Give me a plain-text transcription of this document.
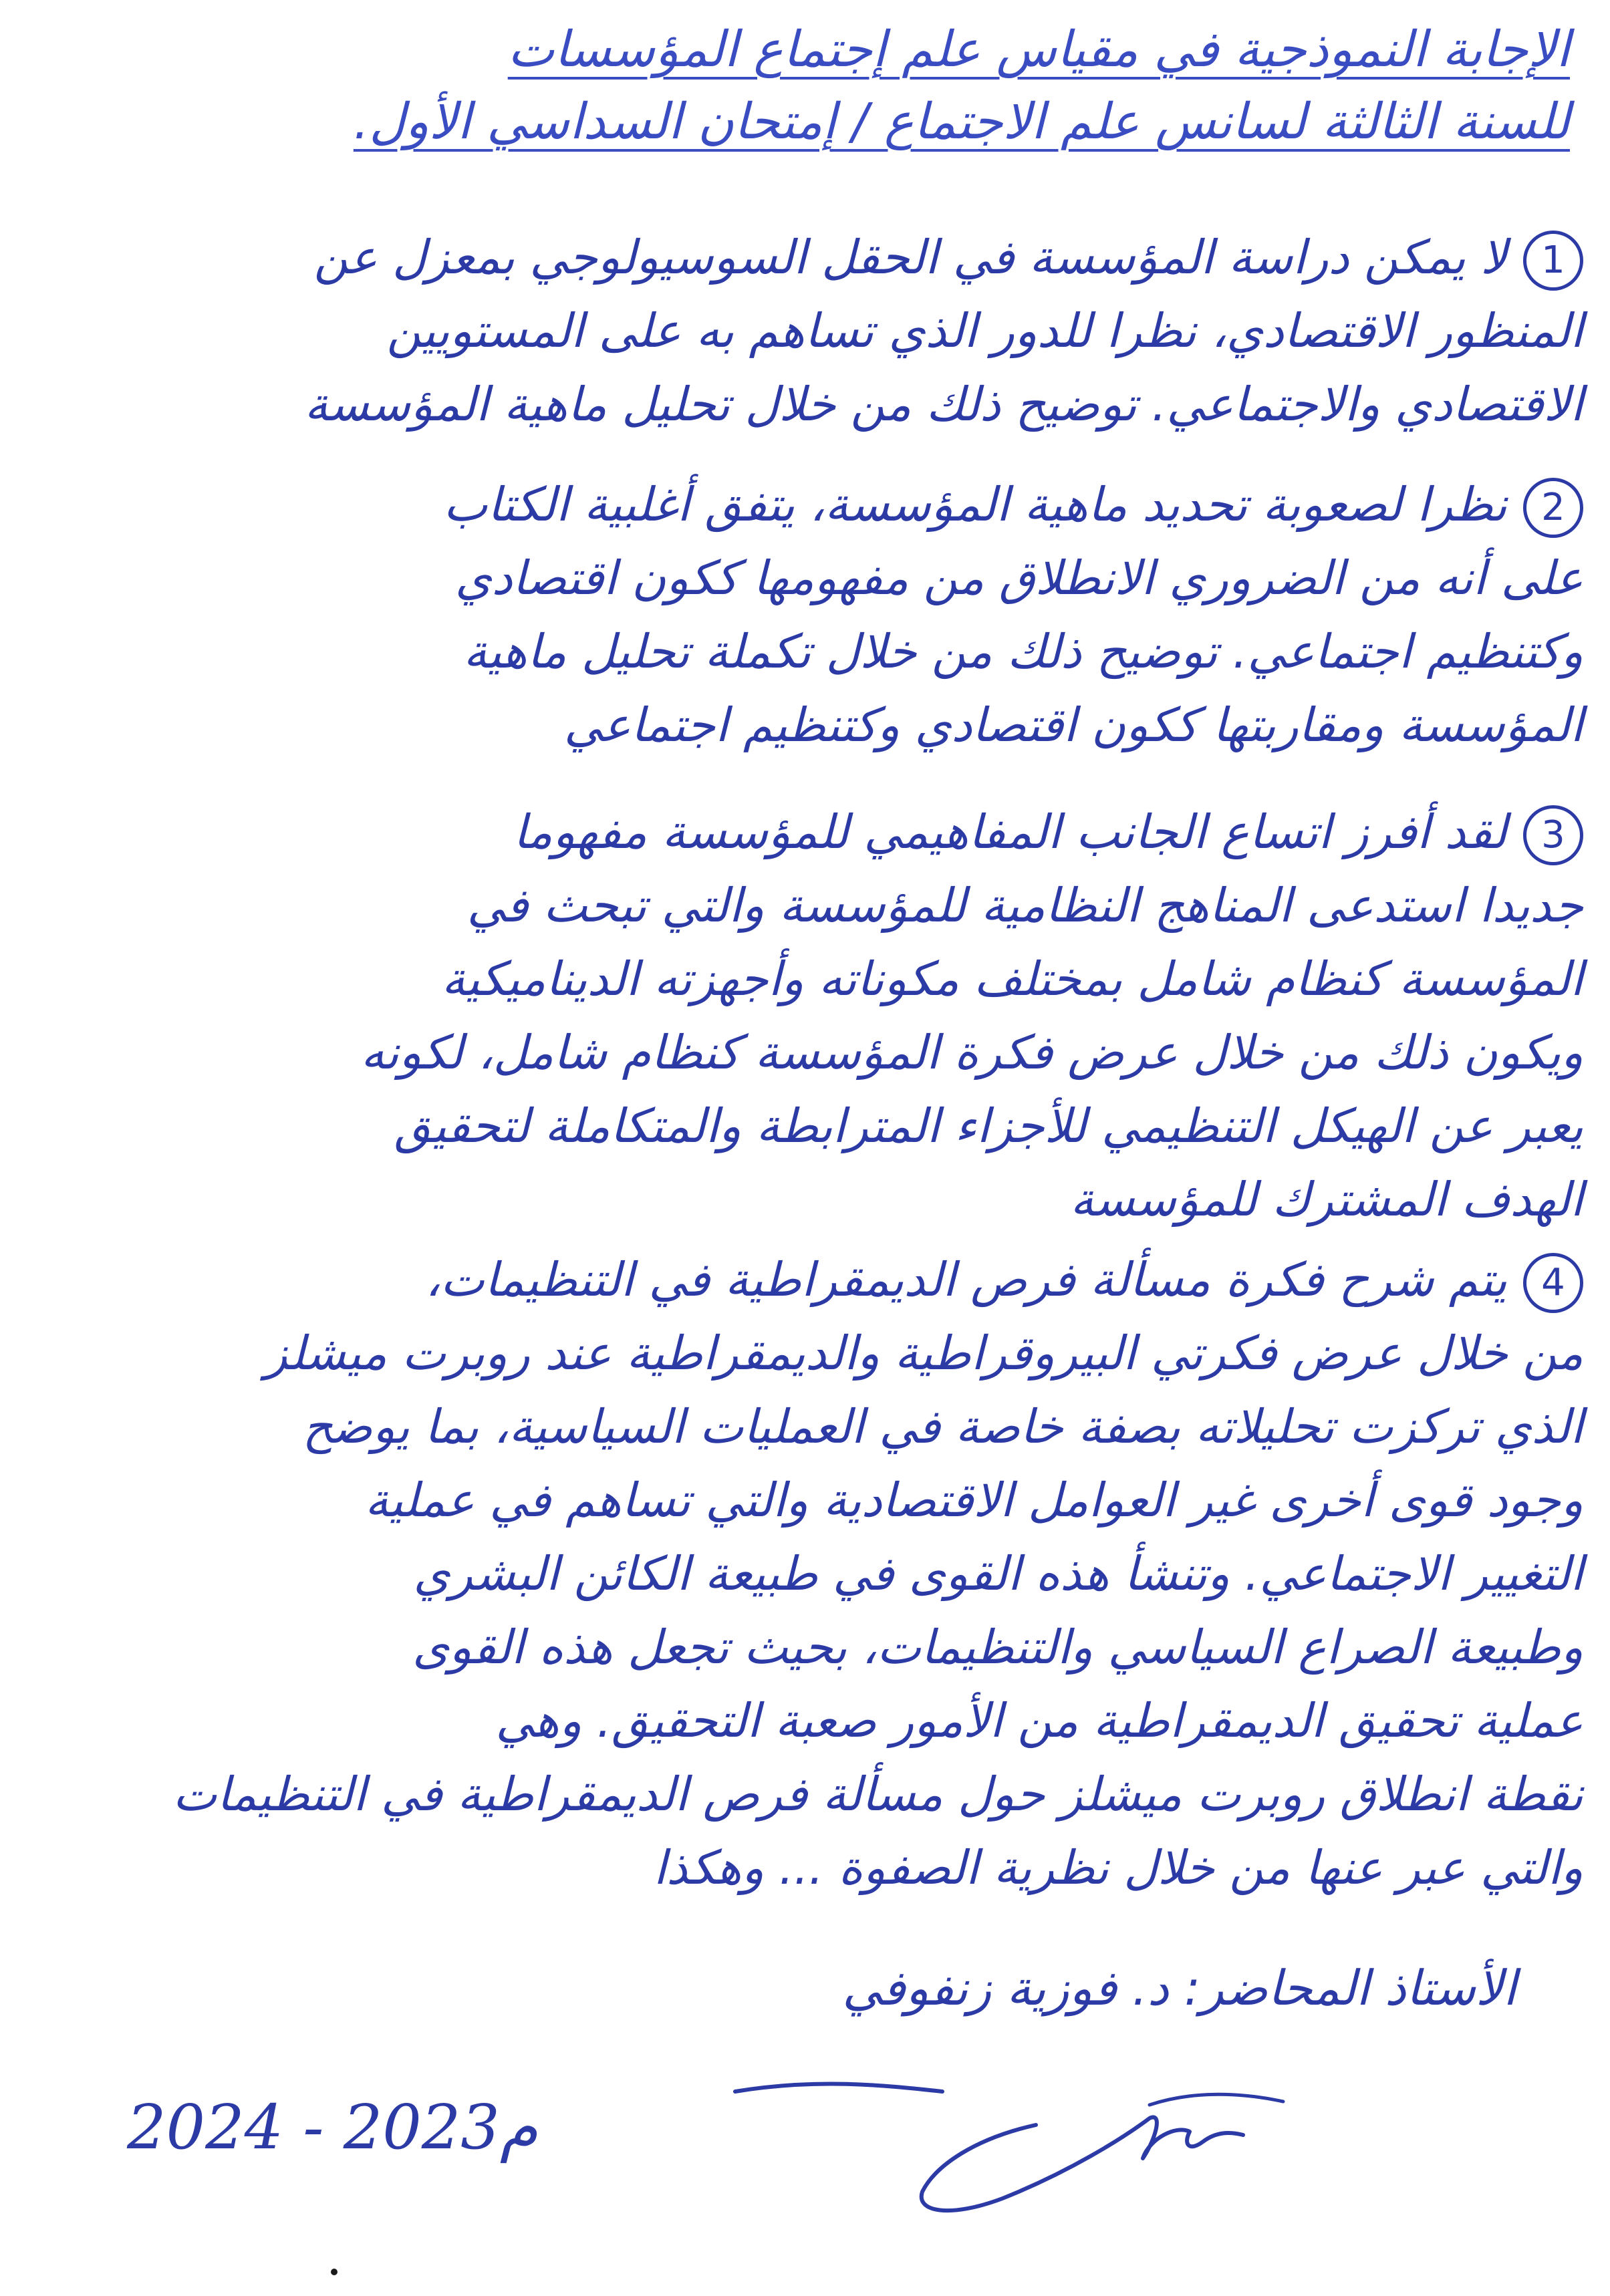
الإجابة النموذجية في مقياس علم إجتماع المؤسسات
للسنة الثالثة لسانس علم الاجتماع / إمتحان السداسي الأول.
1لا يمكن دراسة المؤسسة في الحقل السوسيولوجي بمعزل عن
المنظور الاقتصادي، نظرا للدور الذي تساهم به على المستويين
الاقتصادي والاجتماعي. توضيح ذلك من خلال تحليل ماهية المؤسسة
2نظرا لصعوبة تحديد ماهية المؤسسة، يتفق أغلبية الكتاب
على أنه من الضروري الانطلاق من مفهومها ككون اقتصادي
وكتنظيم اجتماعي. توضيح ذلك من خلال تكملة تحليل ماهية
المؤسسة ومقاربتها ككون اقتصادي وكتنظيم اجتماعي
3لقد أفرز اتساع الجانب المفاهيمي للمؤسسة مفهوما
جديدا استدعى المناهج النظامية للمؤسسة والتي تبحث في
المؤسسة كنظام شامل بمختلف مكوناته وأجهزته الديناميكية
ويكون ذلك من خلال عرض فكرة المؤسسة كنظام شامل، لكونه
يعبر عن الهيكل التنظيمي للأجزاء المترابطة والمتكاملة لتحقيق
الهدف المشترك للمؤسسة
4يتم شرح فكرة مسألة فرص الديمقراطية في التنظيمات،
من خلال عرض فكرتي البيروقراطية والديمقراطية عند روبرت ميشلز
الذي تركزت تحليلاته بصفة خاصة في العمليات السياسية، بما يوضح
وجود قوى أخرى غير العوامل الاقتصادية والتي تساهم في عملية
التغيير الاجتماعي. وتنشأ هذه القوى في طبيعة الكائن البشري
وطبيعة الصراع السياسي والتنظيمات، بحيث تجعل هذه القوى
عملية تحقيق الديمقراطية من الأمور صعبة التحقيق. وهي
نقطة انطلاق روبرت ميشلز حول مسألة فرص الديمقراطية في التنظيمات
والتي عبر عنها من خلال نظرية الصفوة ... وهكذا
الأستاذ المحاضر: د. فوزية زنفوفي
2024 - 2023م
